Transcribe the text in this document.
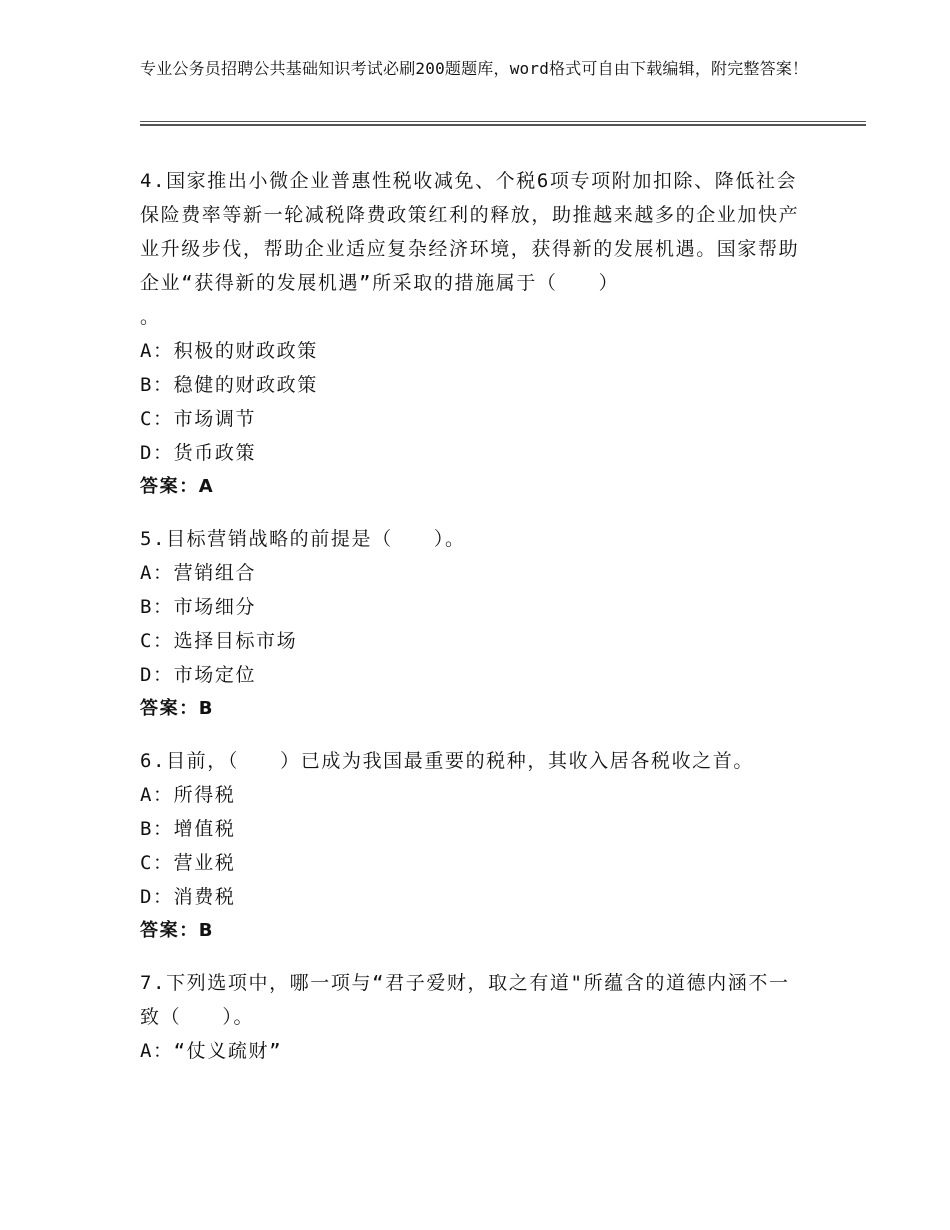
专业公务员招聘公共基础知识考试必刷200题题库，word格式可自由下载编辑，附完整答案！
4.国家推出小微企业普惠性税收减免、个税6项专项附加扣除、降低社会保险费率等新一轮减税降费政策红利的释放，助推越来越多的企业加快产业升级步伐，帮助企业适应复杂经济环境，获得新的发展机遇。国家帮助企业“获得新的发展机遇”所采取的措施属于（　　）
。
A：积极的财政政策
B：稳健的财政政策
C：市场调节
D：货币政策
答案：A
5.目标营销战略的前提是（　　）。
A：营销组合
B：市场细分
C：选择目标市场
D：市场定位
答案：B
6.目前，（　　）已成为我国最重要的税种，其收入居各税收之首。
A：所得税
B：增值税
C：营业税
D：消费税
答案：B
7.下列选项中，哪一项与“君子爱财，取之有道"所蕴含的道德内涵不一致（　　）。
A：“仗义疏财”
